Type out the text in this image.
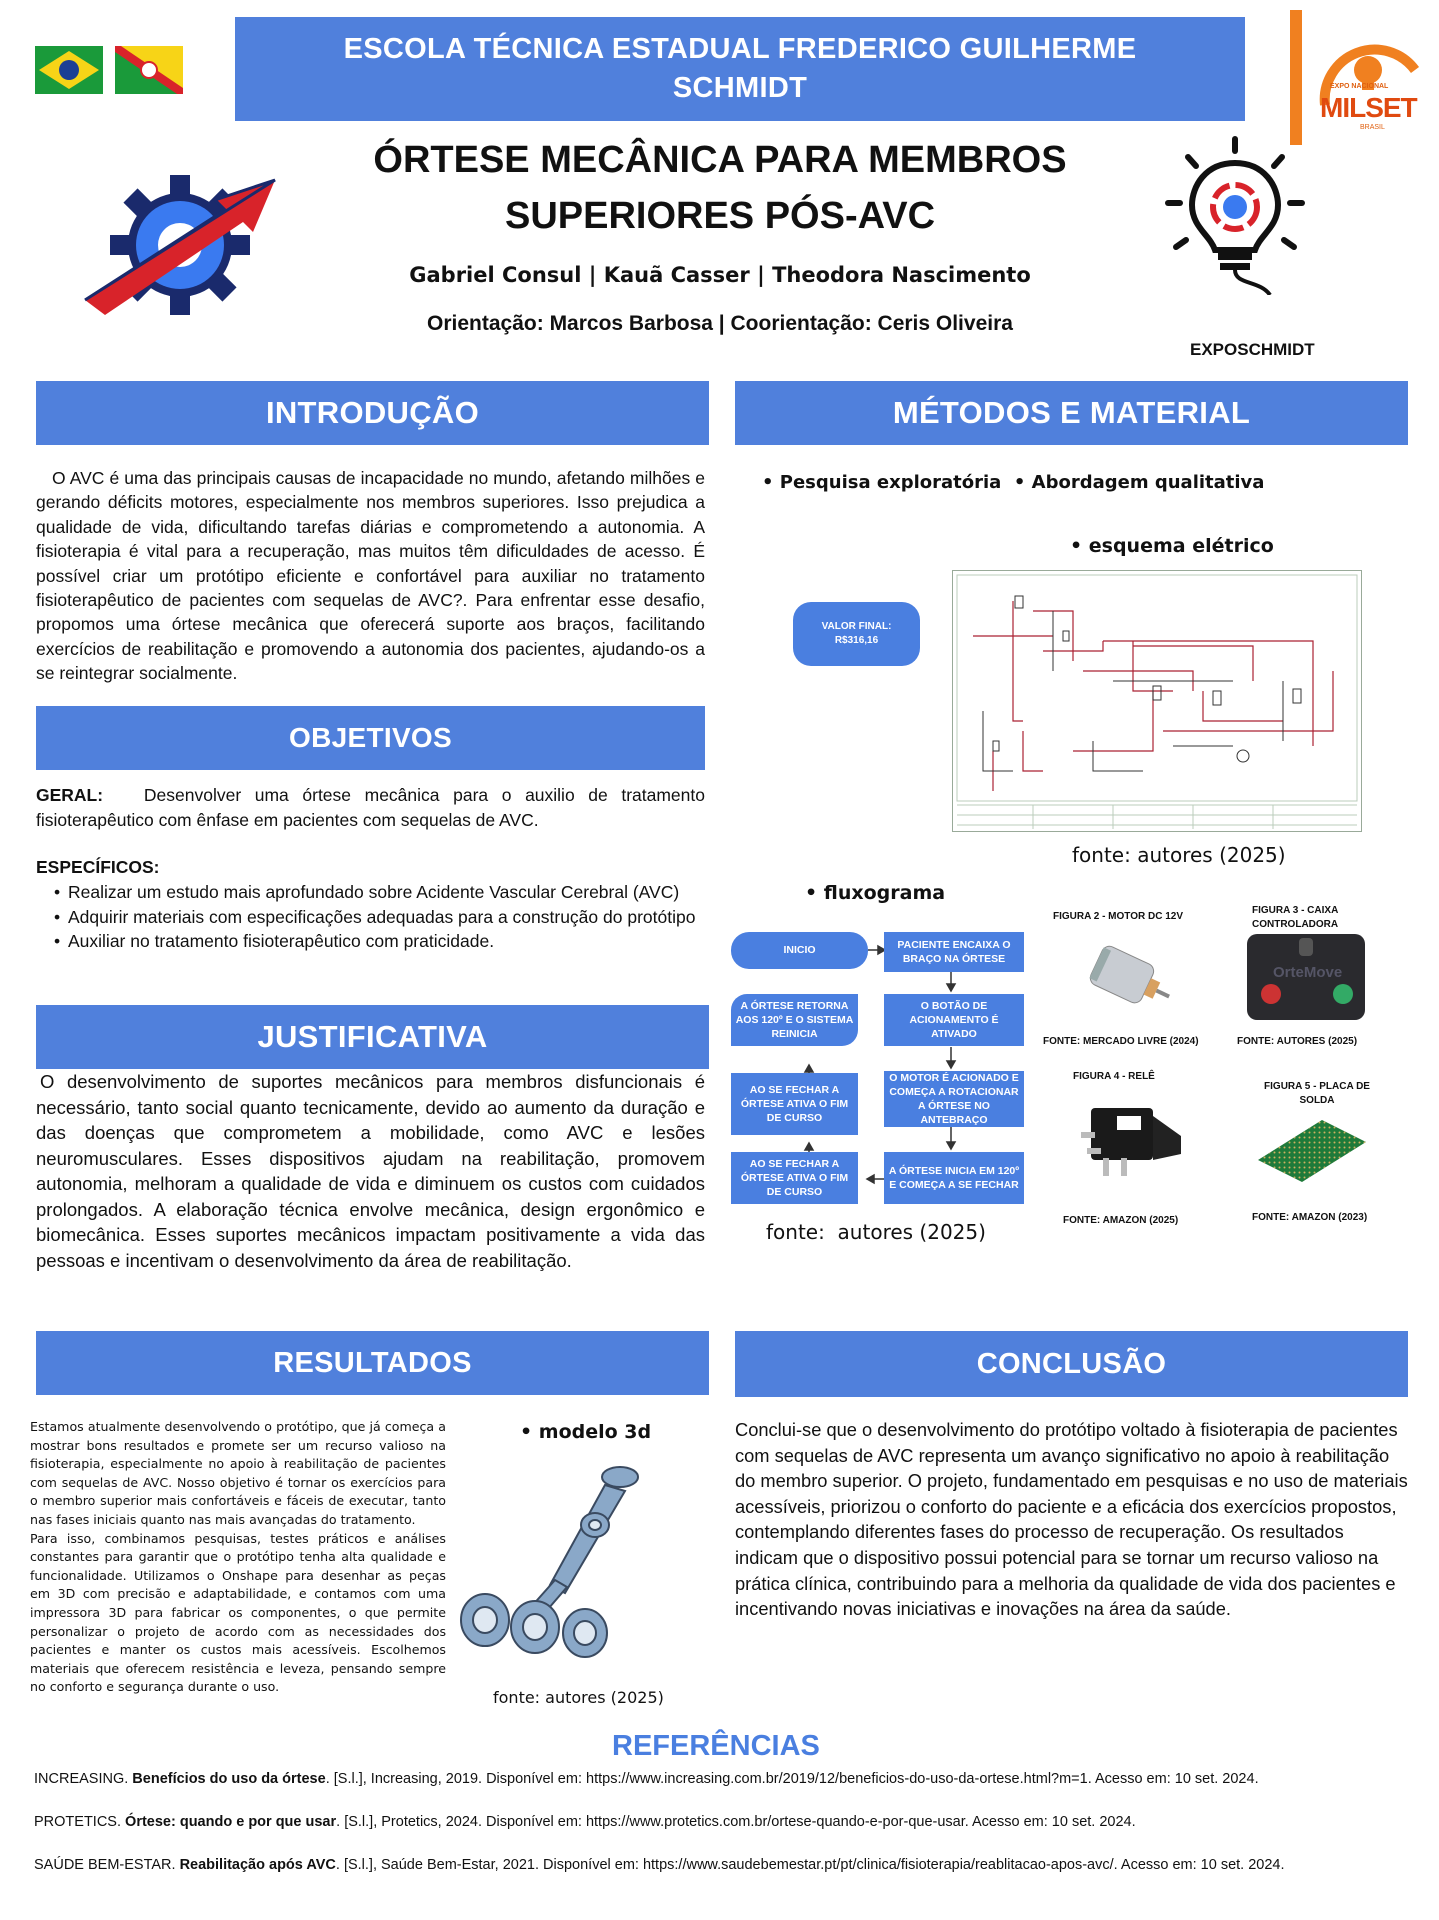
ESCOLA TÉCNICA ESTADUAL FREDERICO GUILHERME SCHMIDT	EXPO NACIONAL
MILSET
BRASIL
ÓRTESE MECÂNICA PARA MEMBROS
SUPERIORES PÓS-AVC
Gabriel Consul | Kauã Casser | Theodora Nascimento
Orientação: Marcos Barbosa | Coorientação: Ceris Oliveira
EXPOSCHMIDT
INTRODUÇÃO
O AVC é uma das principais causas de incapacidade no mundo, afetando milhões e gerando déficits motores, especialmente nos membros superiores. Isso prejudica a qualidade de vida, dificultando tarefas diárias e comprometendo a autonomia. A fisioterapia é vital para a recuperação, mas muitos têm dificuldades de acesso. É possível criar um protótipo eficiente e confortável para auxiliar no tratamento fisioterapêutico de pacientes com sequelas de AVC?. Para enfrentar esse desafio, propomos uma órtese mecânica que oferecerá suporte aos braços, facilitando exercícios de reabilitação e promovendo a autonomia dos pacientes, ajudando-os a se reintegrar socialmente.
OBJETIVOS
GERAL: Desenvolver uma órtese mecânica para o auxilio de tratamento fisioterapêutico com ênfase em pacientes com sequelas de AVC.
ESPECÍFICOS:
• Realizar um estudo mais aprofundado sobre Acidente Vascular Cerebral (AVC)
• Adquirir materiais com especificações adequadas para a construção do protótipo
• Auxiliar no tratamento fisioterapêutico com praticidade.
JUSTIFICATIVA
O desenvolvimento de suportes mecânicos para membros disfuncionais é necessário, tanto social quanto tecnicamente, devido ao aumento da duração e das doenças que comprometem a mobilidade, como AVC e lesões neuromusculares. Esses dispositivos ajudam na reabilitação, promovem autonomia, melhoram a qualidade de vida e diminuem os custos com cuidados prolongados. A elaboração técnica envolve mecânica, design ergonômico e biomecânica. Esses suportes mecânicos impactam positivamente a vida das pessoas e incentivam o desenvolvimento da área de reabilitação.
MÉTODOS E MATERIAL
• Pesquisa exploratória  • Abordagem qualitativa
• esquema elétrico
VALOR FINAL: R$316,16
fonte: autores (2025)
• fluxograma
INICIO	PACIENTE ENCAIXA O BRAÇO NA ÓRTESE
O BOTÃO DE ACIONAMENTO É ATIVADO
O MOTOR É ACIONADO E COMEÇA A ROTACIONAR A ÓRTESE NO ANTEBRAÇO
A ÓRTESE INICIA EM 120º E COMEÇA A SE FECHAR
AO SE FECHAR A ÓRTESE ATIVA O FIM DE CURSO
AO SE FECHAR A ÓRTESE ATIVA O FIM DE CURSO
A ÓRTESE RETORNA AOS 120º E O SISTEMA REINICIA
fonte:  autores (2025)
FIGURA 2 - MOTOR DC 12V
FONTE: MERCADO LIVRE (2024)
FIGURA 3 - CAIXA CONTROLADORA
OrteMove
FONTE: AUTORES (2025)
FIGURA 4 - RELÊ
FONTE: AMAZON (2025)
FIGURA 5 - PLACA DE SOLDA
FONTE: AMAZON (2023)
RESULTADOS
Estamos atualmente desenvolvendo o protótipo, que já começa a mostrar bons resultados e promete ser um recurso valioso na fisioterapia, especialmente no apoio à reabilitação de pacientes com sequelas de AVC. Nosso objetivo é tornar os exercícios para o membro superior mais confortáveis e fáceis de executar, tanto nas fases iniciais quanto nas mais avançadas do tratamento.
Para isso, combinamos pesquisas, testes práticos e análises constantes para garantir que o protótipo tenha alta qualidade e funcionalidade. Utilizamos o Onshape para desenhar as peças em 3D com precisão e adaptabilidade, e contamos com uma impressora 3D para fabricar os componentes, o que permite personalizar o projeto de acordo com as necessidades dos pacientes e manter os custos mais acessíveis. Escolhemos materiais que oferecem resistência e leveza, pensando sempre no conforto e segurança durante o uso.
• modelo 3d
fonte: autores (2025)
CONCLUSÃO
Conclui-se que o desenvolvimento do protótipo voltado à fisioterapia de pacientes com sequelas de AVC representa um avanço significativo no apoio à reabilitação do membro superior. O projeto, fundamentado em pesquisas e no uso de materiais acessíveis, priorizou o conforto do paciente e a eficácia dos exercícios propostos, contemplando diferentes fases do processo de recuperação. Os resultados indicam que o dispositivo possui potencial para se tornar um recurso valioso na prática clínica, contribuindo para a melhoria da qualidade de vida dos pacientes e incentivando novas iniciativas e inovações na área da saúde.
REFERÊNCIAS
INCREASING. Benefícios do uso da órtese. [S.l.], Increasing, 2019. Disponível em: https://www.increasing.com.br/2019/12/beneficios-do-uso-da-ortese.html?m=1. Acesso em: 10 set. 2024.
PROTETICS. Órtese: quando e por que usar. [S.l.], Protetics, 2024. Disponível em: https://www.protetics.com.br/ortese-quando-e-por-que-usar. Acesso em: 10 set. 2024.
SAÚDE BEM-ESTAR. Reabilitação após AVC. [S.l.], Saúde Bem-Estar, 2021. Disponível em: https://www.saudebemestar.pt/pt/clinica/fisioterapia/reablitacao-apos-avc/. Acesso em: 10 set. 2024.
